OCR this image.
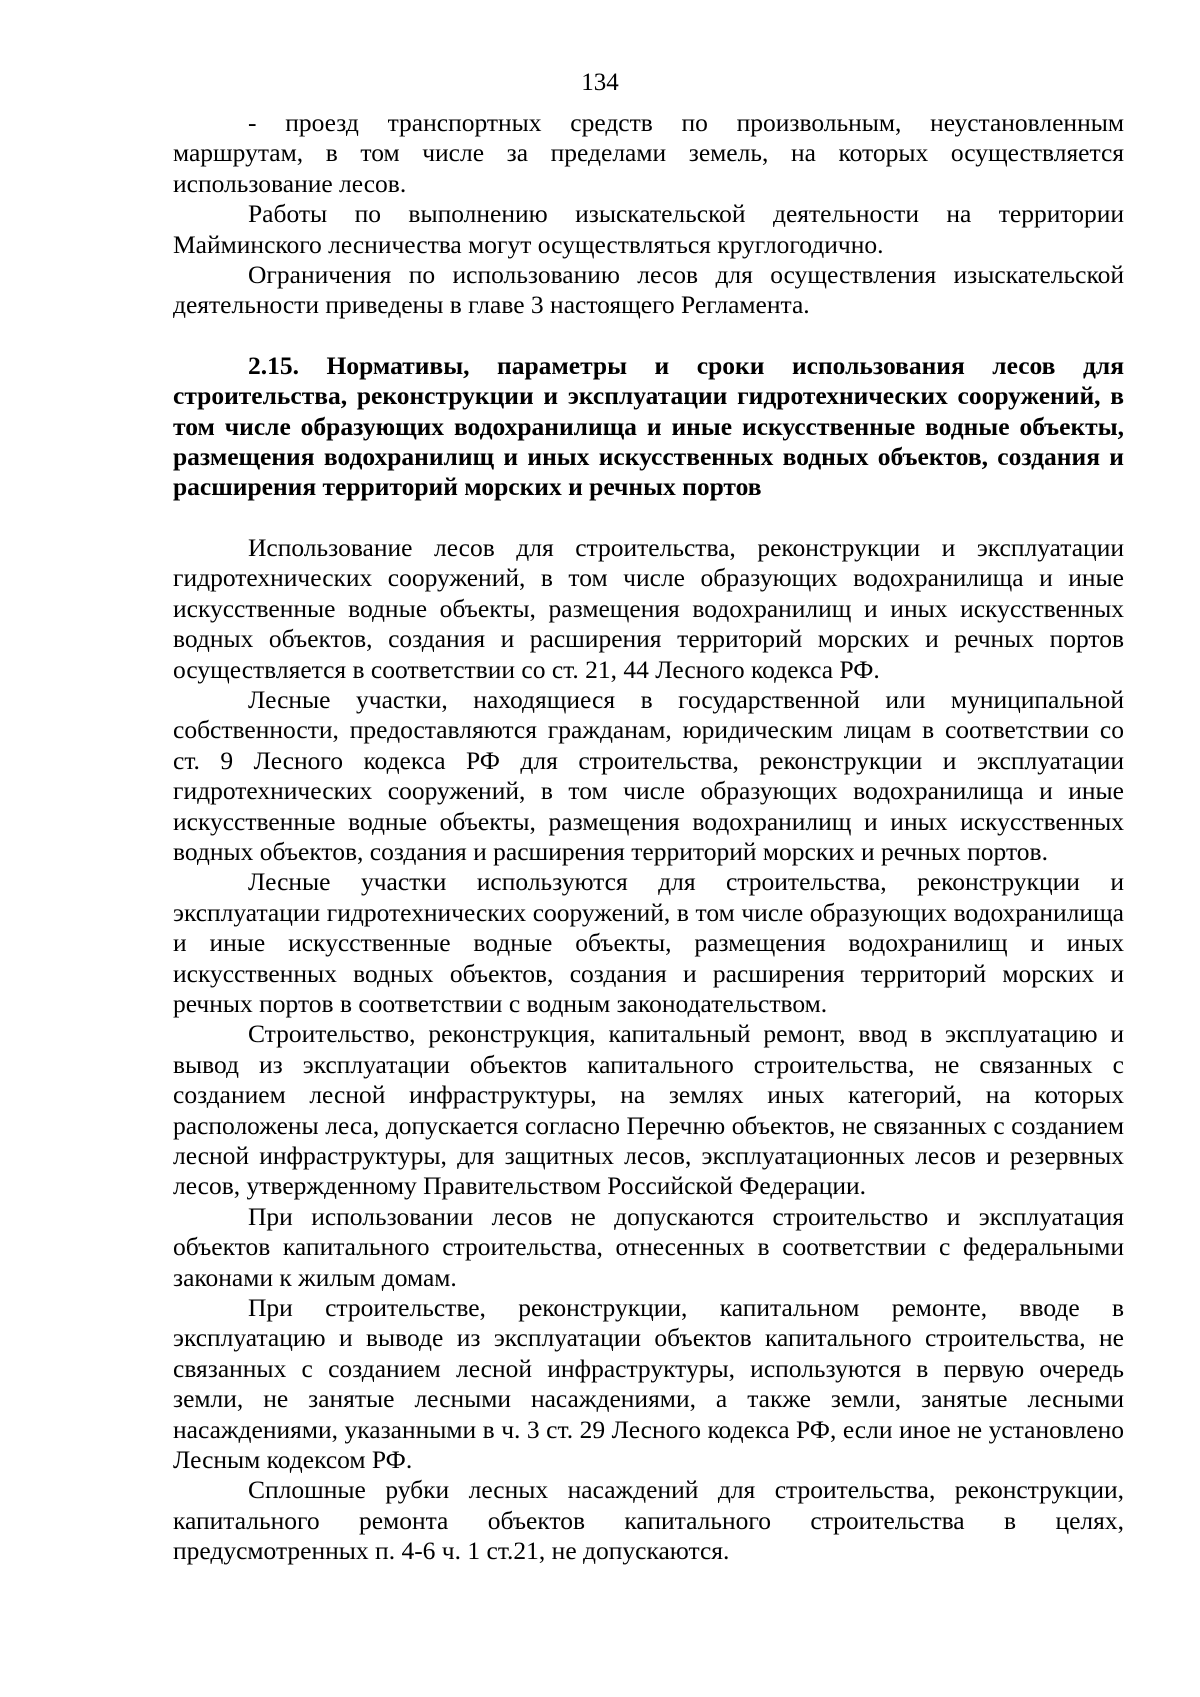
134

- проезд транспортных средств по произвольным, неустановленным маршрутам, в том числе за пределами земель, на которых осуществляется использование лесов.

Работы по выполнению изыскательской деятельности на территории Майминского лесничества могут осуществляться круглогодично.

Ограничения по использованию лесов для осуществления изыскательской деятельности приведены в главе 3 настоящего Регламента.

2.15. Нормативы, параметры и сроки использования лесов для строительства, реконструкции и эксплуатации гидротехнических сооружений, в том числе образующих водохранилища и иные искусственные водные объекты, размещения водохранилищ и иных искусственных водных объектов, создания и расширения территорий морских и речных портов

Использование лесов для строительства, реконструкции и эксплуатации гидротехнических сооружений, в том числе образующих водохранилища и иные искусственные водные объекты, размещения водохранилищ и иных искусственных водных объектов, создания и расширения территорий морских и речных портов осуществляется в соответствии со ст. 21, 44 Лесного кодекса РФ.

Лесные участки, находящиеся в государственной или муниципальной собственности, предоставляются гражданам, юридическим лицам в соответствии со ст. 9 Лесного кодекса РФ для строительства, реконструкции и эксплуатации гидротехнических сооружений, в том числе образующих водохранилища и иные искусственные водные объекты, размещения водохранилищ и иных искусственных водных объектов, создания и расширения территорий морских и речных портов.

Лесные участки используются для строительства, реконструкции и эксплуатации гидротехнических сооружений, в том числе образующих водохранилища и иные искусственные водные объекты, размещения водохранилищ и иных искусственных водных объектов, создания и расширения территорий морских и речных портов в соответствии с водным законодательством.

Строительство, реконструкция, капитальный ремонт, ввод в эксплуатацию и вывод из эксплуатации объектов капитального строительства, не связанных с созданием лесной инфраструктуры, на землях иных категорий, на которых расположены леса, допускается согласно Перечню объектов, не связанных с созданием лесной инфраструктуры, для защитных лесов, эксплуатационных лесов и резервных лесов, утвержденному Правительством Российской Федерации.

При использовании лесов не допускаются строительство и эксплуатация объектов капитального строительства, отнесенных в соответствии с федеральными законами к жилым домам.

При строительстве, реконструкции, капитальном ремонте, вводе в эксплуатацию и выводе из эксплуатации объектов капитального строительства, не связанных с созданием лесной инфраструктуры, используются в первую очередь земли, не занятые лесными насаждениями, а также земли, занятые лесными насаждениями, указанными в ч. 3 ст. 29 Лесного кодекса РФ, если иное не установлено Лесным кодексом РФ.

Сплошные рубки лесных насаждений для строительства, реконструкции, капитального ремонта объектов капитального строительства в целях, предусмотренных п. 4-6 ч. 1 ст.21, не допускаются.
